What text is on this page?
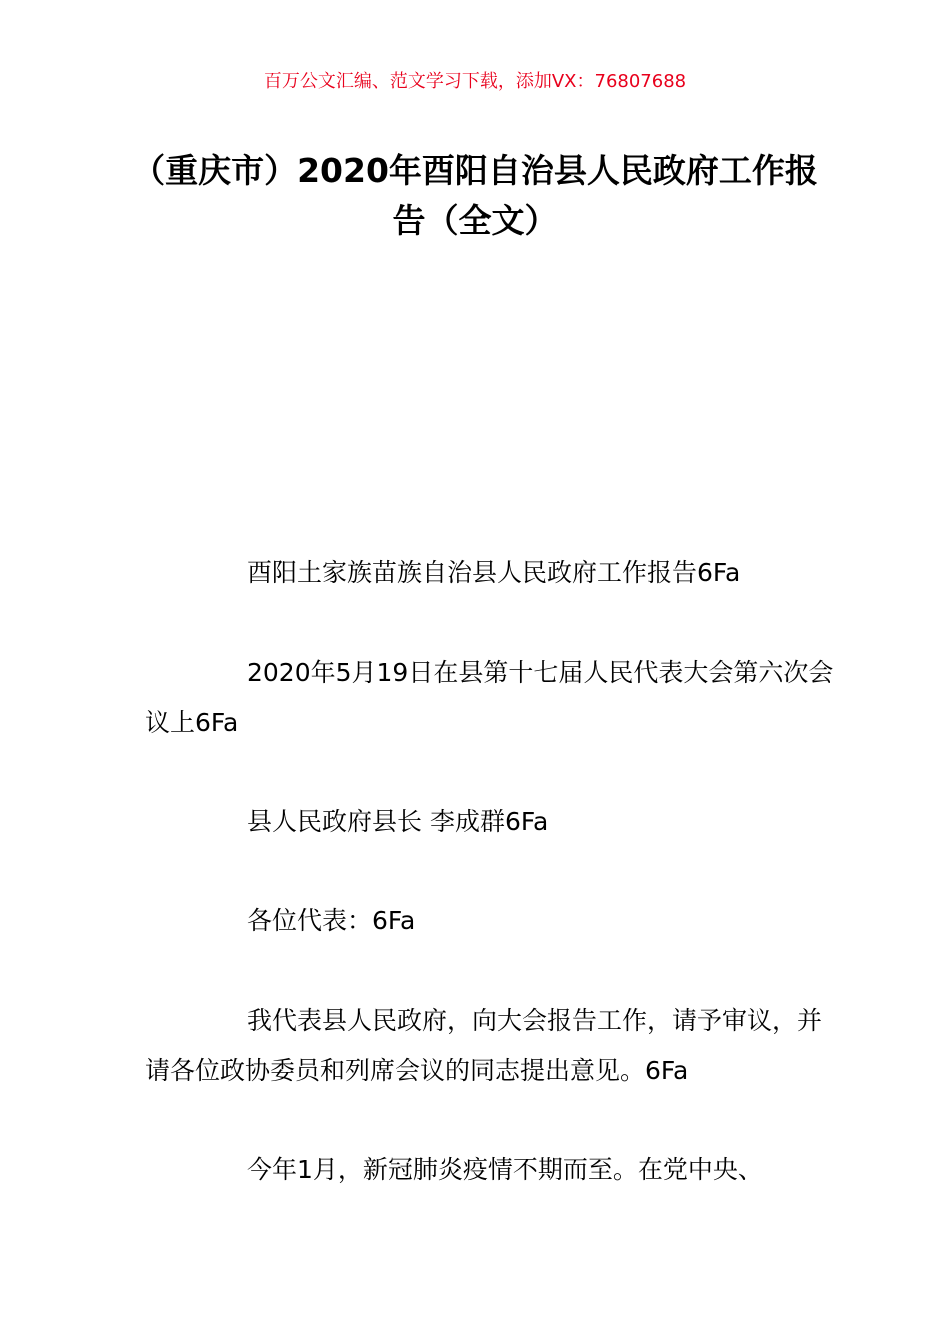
百万公文汇编、范文学习下载，添加VX：76807688
（重庆市）2020年酉阳自治县人民政府工作报告（全文）
酉阳土家族苗族自治县人民政府工作报告6Fa
2020年5月19日在县第十七届人民代表大会第六次会议上6Fa
县人民政府县长 李成群6Fa
各位代表：6Fa
我代表县人民政府，向大会报告工作，请予审议，并请各位政协委员和列席会议的同志提出意见。6Fa
今年1月，新冠肺炎疫情不期而至。在党中央、
